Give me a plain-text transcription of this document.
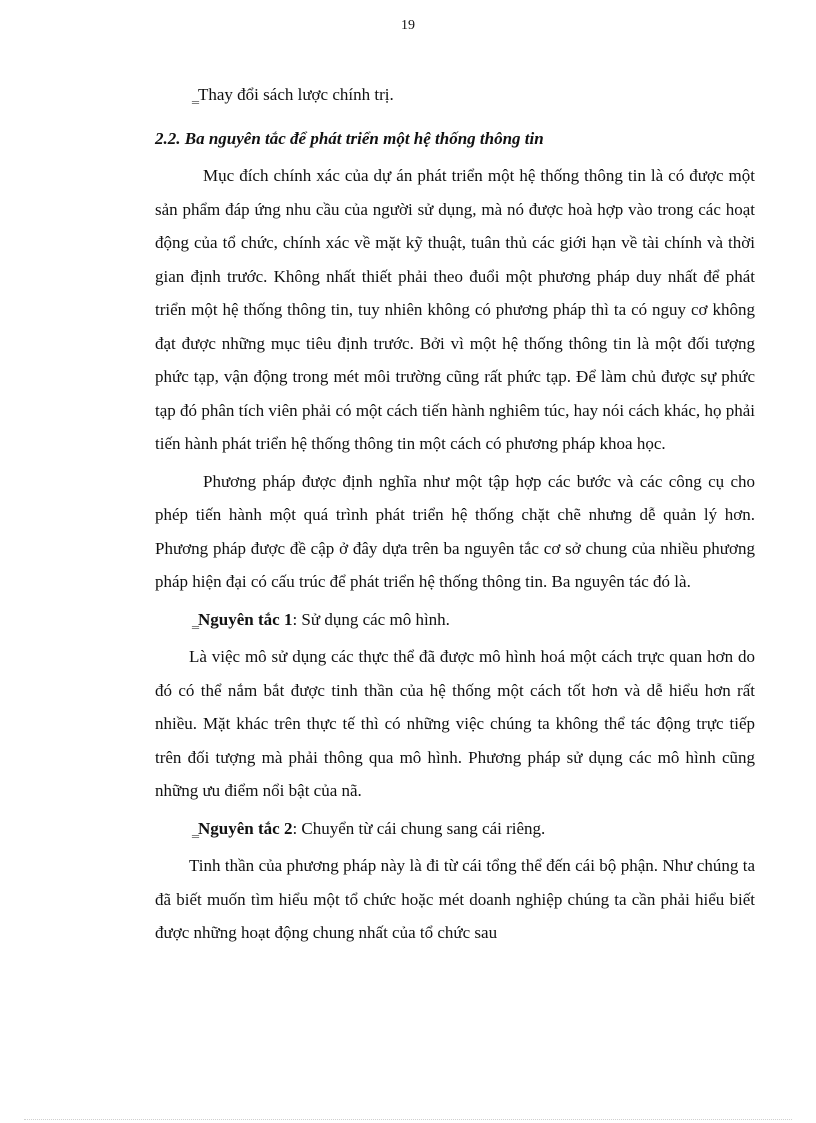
19
‗ Thay đổi sách lược chính trị.
2.2. Ba nguyên tắc để phát triển một hệ thống thông tin

Mục đích chính xác của dự án phát triển một hệ thống thông tin là có được một sản phẩm đáp ứng nhu cầu của người sử dụng, mà nó được hoà hợp vào trong các hoạt động của tổ chức, chính xác về mặt kỹ thuật, tuân thủ các giới hạn về tài chính và thời gian định trước. Không nhất thiết phải theo đuổi một phương pháp duy nhất để phát triển một hệ thống thông tin, tuy nhiên không có phương pháp thì ta có nguy cơ không đạt được những mục tiêu định trước. Bởi vì một hệ thống thông tin là một đối tượng phức tạp, vận động trong mét môi trường cũng rất phức tạp. Để làm chủ được sự phức tạp đó phân tích viên phải có một cách tiến hành nghiêm túc, hay nói cách khác, họ phải tiến hành phát triển hệ thống thông tin một cách có phương pháp khoa học.

Phương pháp được định nghĩa như một tập hợp các bước và các công cụ cho phép tiến hành một quá trình phát triển hệ thống chặt chẽ nhưng dễ quản lý hơn. Phương pháp được đề cập ở đây dựa trên ba nguyên tắc cơ sở chung của nhiều phương pháp hiện đại có cấu trúc để phát triển hệ thống thông tin. Ba nguyên tác đó là.

‗ Nguyên tắc 1: Sử dụng các mô hình.

Là việc mô sử dụng các thực thể đã được mô hình hoá một cách trực quan hơn do đó có thể nắm bắt được tinh thần của hệ thống một cách tốt hơn và dễ hiểu hơn rất nhiều. Mặt khác trên thực tế thì có những việc chúng ta không thể tác động trực tiếp trên đối tượng mà phải thông qua mô hình. Phương pháp sử dụng các mô hình cũng những ưu điểm nổi bật của nã.

‗ Nguyên tắc 2: Chuyển từ cái chung sang cái riêng.

Tinh thần của phương pháp này là đi từ cái tổng thể đến cái bộ phận. Như chúng ta đã biết muốn tìm hiểu một tổ chức hoặc mét doanh nghiệp chúng ta cần phải hiểu biết được những hoạt động chung nhất của tổ chức sau
